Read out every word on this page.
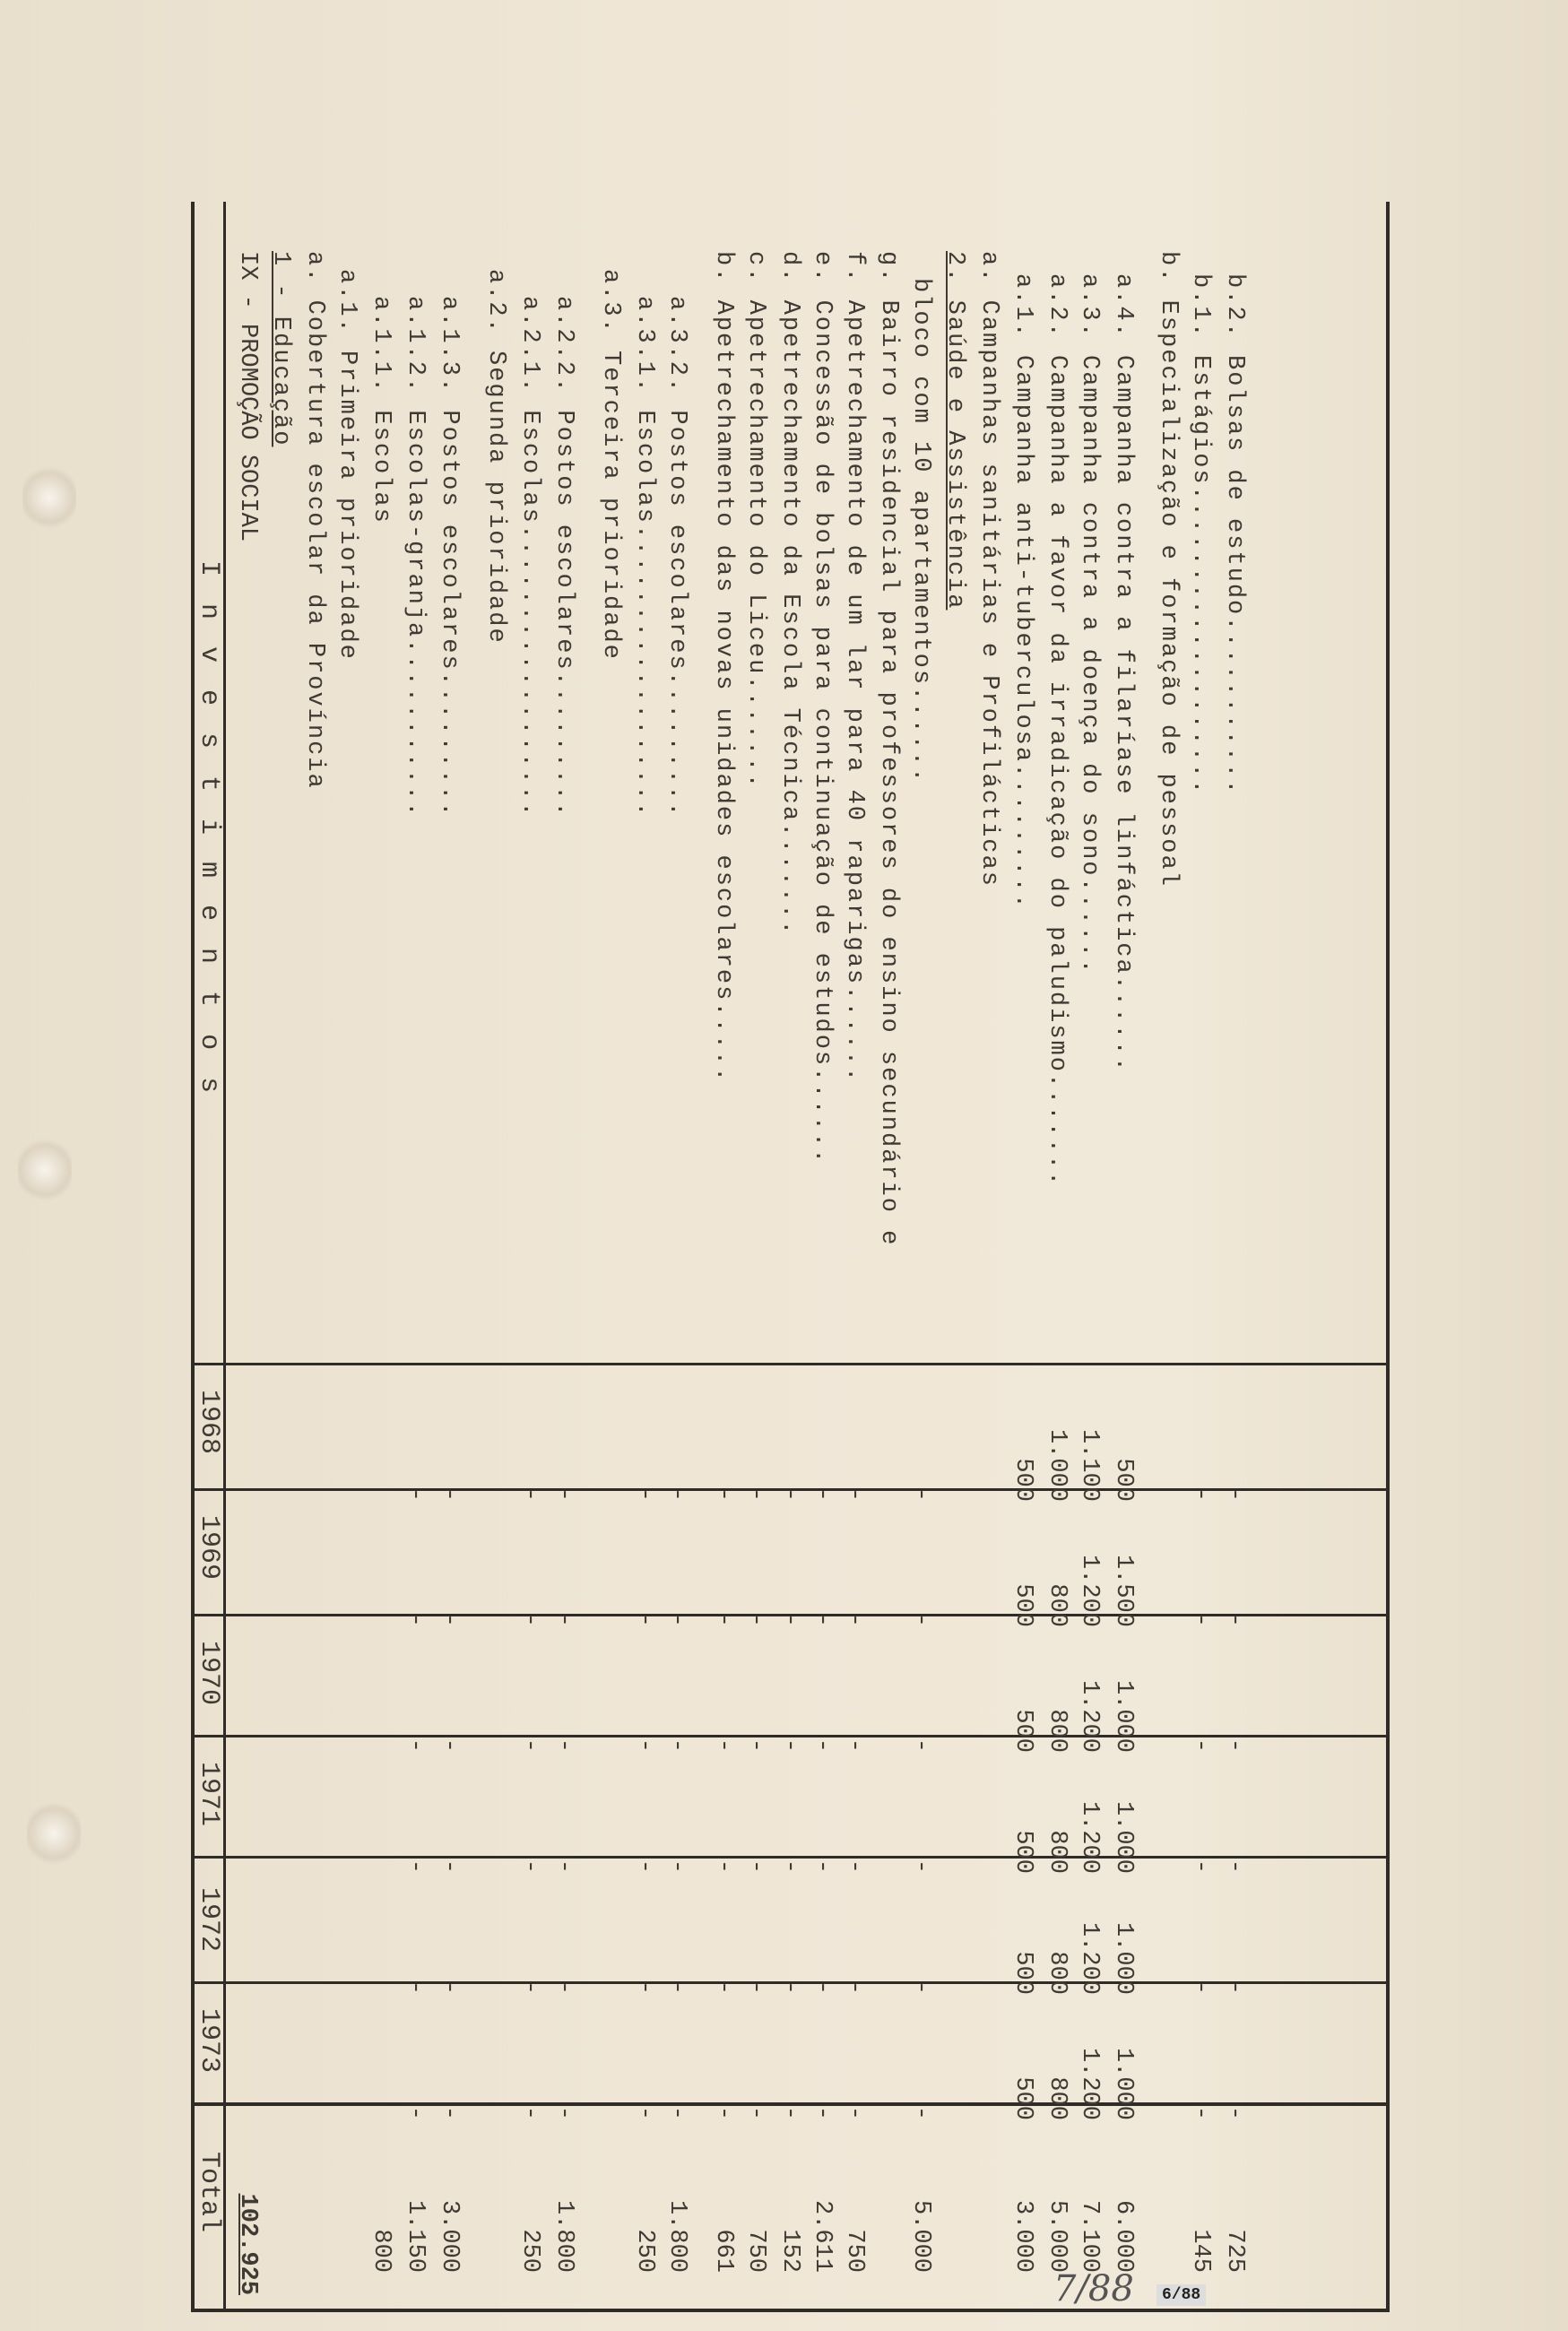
I n v e s t i m e n t o s
1968
1969
1970
1971
1972
1973
Total
IX - PROMOÇÃO SOCIAL
102.925
1 - Educação a. Cobertura escolar da Província a.1. Primeira prioridade a.1.1. Escolas
800
a.1.2. Escolas-granja...........
-
-
-
-
-
-
1.150
a.1.3. Postos escolares.........
-
-
-
-
-
-
3.000
a.2. Segunda prioridade a.2.1. Escolas..................
-
-
-
-
-
-
250
a.2.2. Postos escolares.........
-
-
-
-
-
-
1.800
a.3. Terceira prioridade a.3.1. Escolas..................
-
-
-
-
-
-
250
a.3.2. Postos escolares.........
-
-
-
-
-
-
1.800
b. Apetrechamento das novas unidades escolares.....
-
-
-
-
-
-
661
c. Apetrechamento do Liceu.......
-
-
-
-
-
-
750
d. Apetrechamento da Escola Técnica.......
-
-
-
-
-
-
152
e. Concessão de bolsas para continuação de estudos......
-
-
-
-
-
-
2.611
f. Apetrechamento de um lar para 40 raparigas......
-
-
-
-
-
-
750
g. Bairro residencial para professores do ensino secundário e bloco com 10 apartamentos......
-
-
-
-
-
-
5.000
2. Saúde e Assistência a. Campanhas sanitárias e Profilácticas a.1. Campanha anti-tuberculosa.........
500
500
500
500
500
500
3.000
a.2. Campanha a favor da irradicação do paludismo.......
1.000
800
800
800
800
800
5.000
a.3. Campanha contra a doença do sono......
1.100
1.200
1.200
1.200
1.200
1.200
7.100
a.4. Campanha contra a filaríase linfáctica......
500
1.500
1.000
1.000
1.000
1.000
6.000
b. Especialização e formação de pessoal b.1. Estágios...................
-
-
-
-
-
-
145
b.2. Bolsas de estudo...........
-
-
-
-
-
-
725
7/88	6/88
